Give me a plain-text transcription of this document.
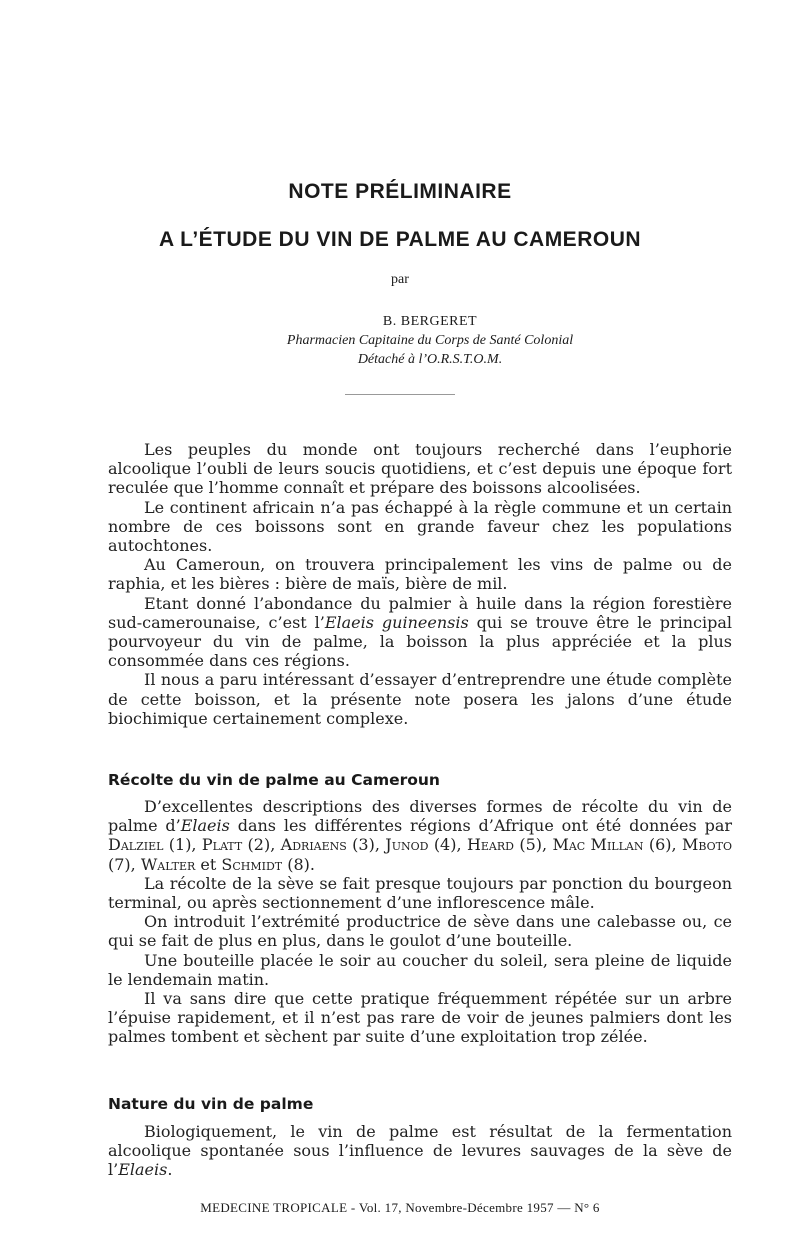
NOTE PRÉLIMINAIRE
A L’ÉTUDE DU VIN DE PALME AU CAMEROUN
par
B. BERGERET
Pharmacien Capitaine du Corps de Santé Colonial
Détaché à l’O.R.S.T.O.M.

Les peuples du monde ont toujours recherché dans l’euphorie alcoolique l’oubli de leurs soucis quotidiens, et c’est depuis une époque fort reculée que l’homme connaît et prépare des boissons alcoolisées.

Le continent africain n’a pas échappé à la règle commune et un certain nombre de ces boissons sont en grande faveur chez les populations autochtones.

Au Cameroun, on trouvera principalement les vins de palme ou de raphia, et les bières : bière de maïs, bière de mil.

Etant donné l’abondance du palmier à huile dans la région forestière sud-camerounaise, c’est l’Elaeis guineensis qui se trouve être le principal pourvoyeur du vin de palme, la boisson la plus appréciée et la plus consommée dans ces régions.

Il nous a paru intéressant d’essayer d’entreprendre une étude complète de cette boisson, et la présente note posera les jalons d’une étude biochimique certainement complexe.

Récolte du vin de palme au Cameroun

D’excellentes descriptions des diverses formes de récolte du vin de palme d’Elaeis dans les différentes régions d’Afrique ont été données par Dalziel (1), Platt (2), Adriaens (3), Junod (4), Heard (5), Mac Millan (6), Mboto (7), Walter et Schmidt (8).

La récolte de la sève se fait presque toujours par ponction du bourgeon terminal, ou après sectionnement d’une inflorescence mâle.

On introduit l’extrémité productrice de sève dans une calebasse ou, ce qui se fait de plus en plus, dans le goulot d’une bouteille.

Une bouteille placée le soir au coucher du soleil, sera pleine de liquide le lendemain matin.

Il va sans dire que cette pratique fréquemment répétée sur un arbre l’épuise rapidement, et il n’est pas rare de voir de jeunes palmiers dont les palmes tombent et sèchent par suite d’une exploitation trop zélée.

Nature du vin de palme

Biologiquement, le vin de palme est résultat de la fermentation alcoolique spontanée sous l’influence de levures sauvages de la sève de l’Elaeis.

MEDECINE TROPICALE - Vol. 17, Novembre-Décembre 1957 — N° 6
